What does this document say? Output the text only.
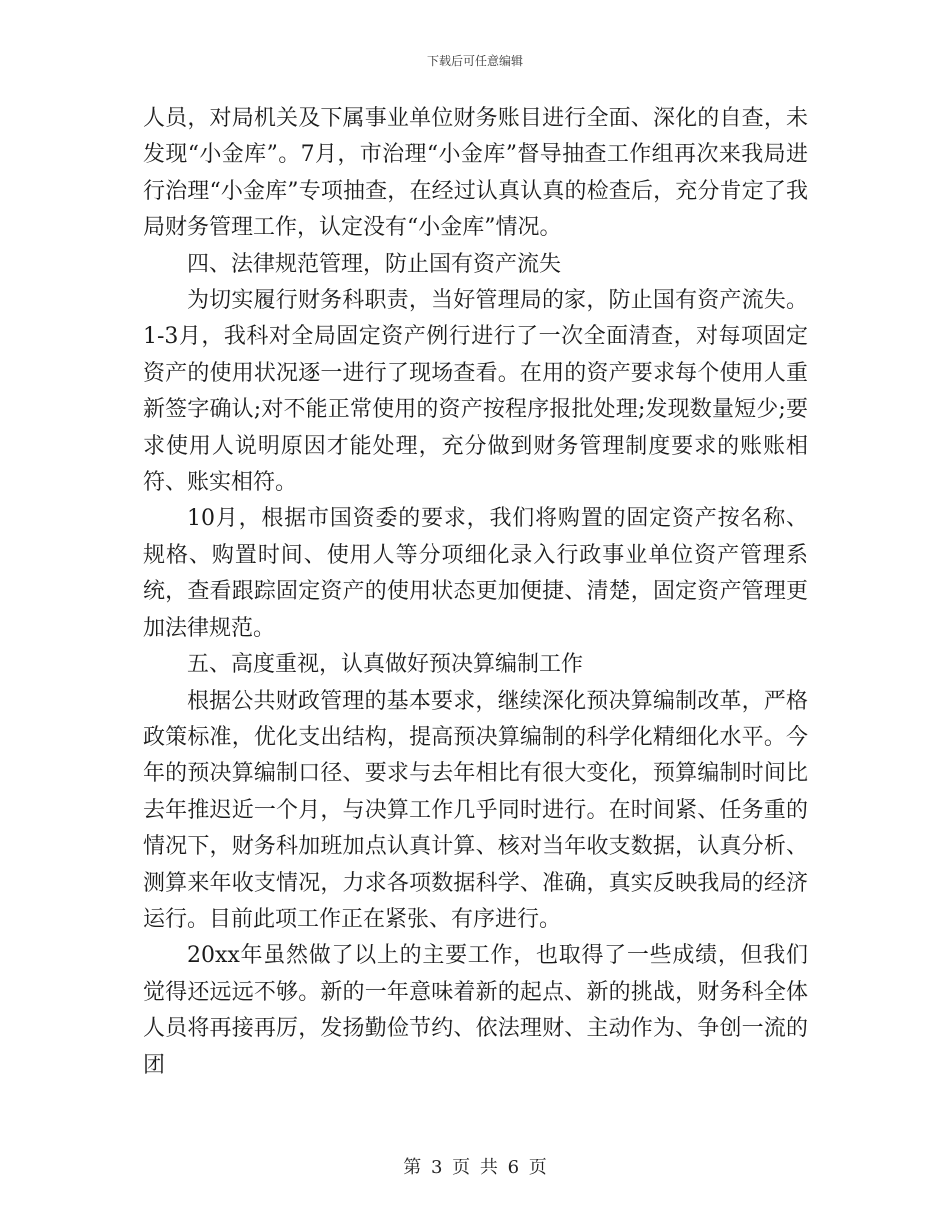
下载后可任意编辑

人员，对局机关及下属事业单位财务账目进行全面、深化的自查，未发现“小金库”。7月，市治理“小金库”督导抽查工作组再次来我局进行治理“小金库”专项抽查，在经过认真认真的检查后，充分肯定了我局财务管理工作，认定没有“小金库”情况。

四、法律规范管理，防止国有资产流失

为切实履行财务科职责，当好管理局的家，防止国有资产流失。1-3月，我科对全局固定资产例行进行了一次全面清查，对每项固定资产的使用状况逐一进行了现场查看。在用的资产要求每个使用人重新签字确认;对不能正常使用的资产按程序报批处理;发现数量短少;要求使用人说明原因才能处理，充分做到财务管理制度要求的账账相符、账实相符。

10月，根据市国资委的要求，我们将购置的固定资产按名称、规格、购置时间、使用人等分项细化录入行政事业单位资产管理系统，查看跟踪固定资产的使用状态更加便捷、清楚，固定资产管理更加法律规范。

五、高度重视，认真做好预决算编制工作

根据公共财政管理的基本要求，继续深化预决算编制改革，严格政策标准，优化支出结构，提高预决算编制的科学化精细化水平。今年的预决算编制口径、要求与去年相比有很大变化，预算编制时间比去年推迟近一个月，与决算工作几乎同时进行。在时间紧、任务重的情况下，财务科加班加点认真计算、核对当年收支数据，认真分析、测算来年收支情况，力求各项数据科学、准确，真实反映我局的经济运行。目前此项工作正在紧张、有序进行。

20xx年虽然做了以上的主要工作，也取得了一些成绩，但我们觉得还远远不够。新的一年意味着新的起点、新的挑战，财务科全体人员将再接再厉，发扬勤俭节约、依法理财、主动作为、争创一流的团

第 3 页 共 6 页
